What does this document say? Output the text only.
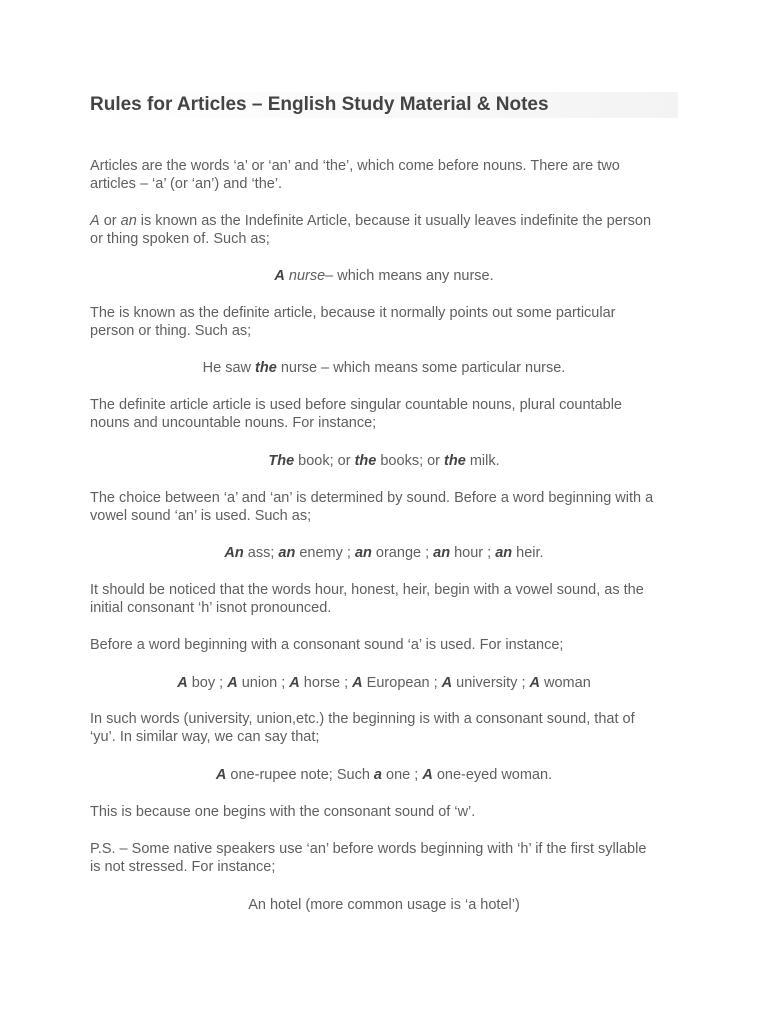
Rules for Articles – English Study Material & Notes

Articles are the words ‘a’ or ‘an’ and ‘the’, which come before nouns. There are two
articles – ‘a’ (or ‘an’) and ‘the’.

A or an is known as the Indefinite Article, because it usually leaves indefinite the person
or thing spoken of. Such as;

A nurse– which means any nurse.

The is known as the definite article, because it normally points out some particular
person or thing. Such as;

He saw the nurse – which means some particular nurse.

The definite article article is used before singular countable nouns, plural countable
nouns and uncountable nouns. For instance;

The book; or the books; or the milk.

The choice between ‘a’ and ‘an’ is determined by sound. Before a word beginning with a
vowel sound ‘an’ is used. Such as;

An ass; an enemy ; an orange ; an hour ; an heir.

It should be noticed that the words hour, honest, heir, begin with a vowel sound, as the
initial consonant ‘h’ isnot pronounced.

Before a word beginning with a consonant sound ‘a’ is used. For instance;

A boy ; A union ; A horse ; A European ; A university ; A woman

In such words (university, union,etc.) the beginning is with a consonant sound, that of
‘yu’. In similar way, we can say that;

A one-rupee note; Such a one ; A one-eyed woman.

This is because one begins with the consonant sound of ‘w’.

P.S. – Some native speakers use ‘an’ before words beginning with ‘h’ if the first syllable
is not stressed. For instance;

An hotel (more common usage is ‘a hotel’)
